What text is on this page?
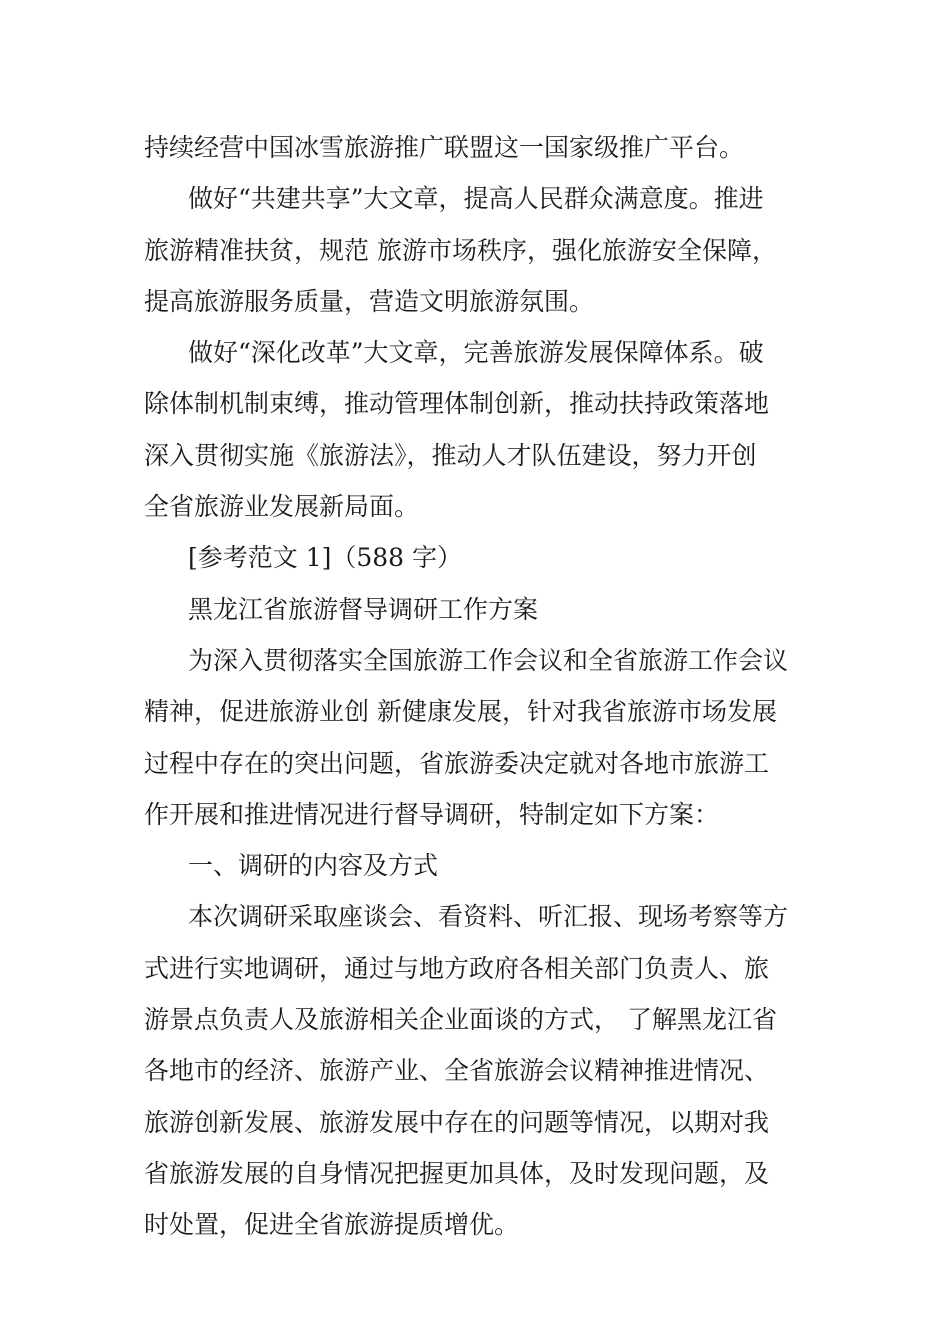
持续经营中国冰雪旅游推广联盟这一国家级推广平台。
做好“共建共享”大文章，提高人民群众满意度。推进
旅游精准扶贫，规范 旅游市场秩序，强化旅游安全保障，
提高旅游服务质量，营造文明旅游氛围。
做好“深化改革”大文章，完善旅游发展保障体系。破
除体制机制束缚，推动管理体制创新，推动扶持政策落地
深入贯彻实施《旅游法》，推动人才队伍建设，努力开创
全省旅游业发展新局面。
[参考范文 1]（588 字）
黑龙江省旅游督导调研工作方案
为深入贯彻落实全国旅游工作会议和全省旅游工作会议
精神，促进旅游业创 新健康发展，针对我省旅游市场发展
过程中存在的突出问题，省旅游委决定就对各地市旅游工
作开展和推进情况进行督导调研，特制定如下方案：
一、调研的内容及方式
本次调研采取座谈会、看资料、听汇报、现场考察等方
式进行实地调研，通过与地方政府各相关部门负责人、旅
游景点负责人及旅游相关企业面谈的方式， 了解黑龙江省
各地市的经济、旅游产业、全省旅游会议精神推进情况、
旅游创新发展、旅游发展中存在的问题等情况，以期对我
省旅游发展的自身情况把握更加具体，及时发现问题，及
时处置，促进全省旅游提质增优。
